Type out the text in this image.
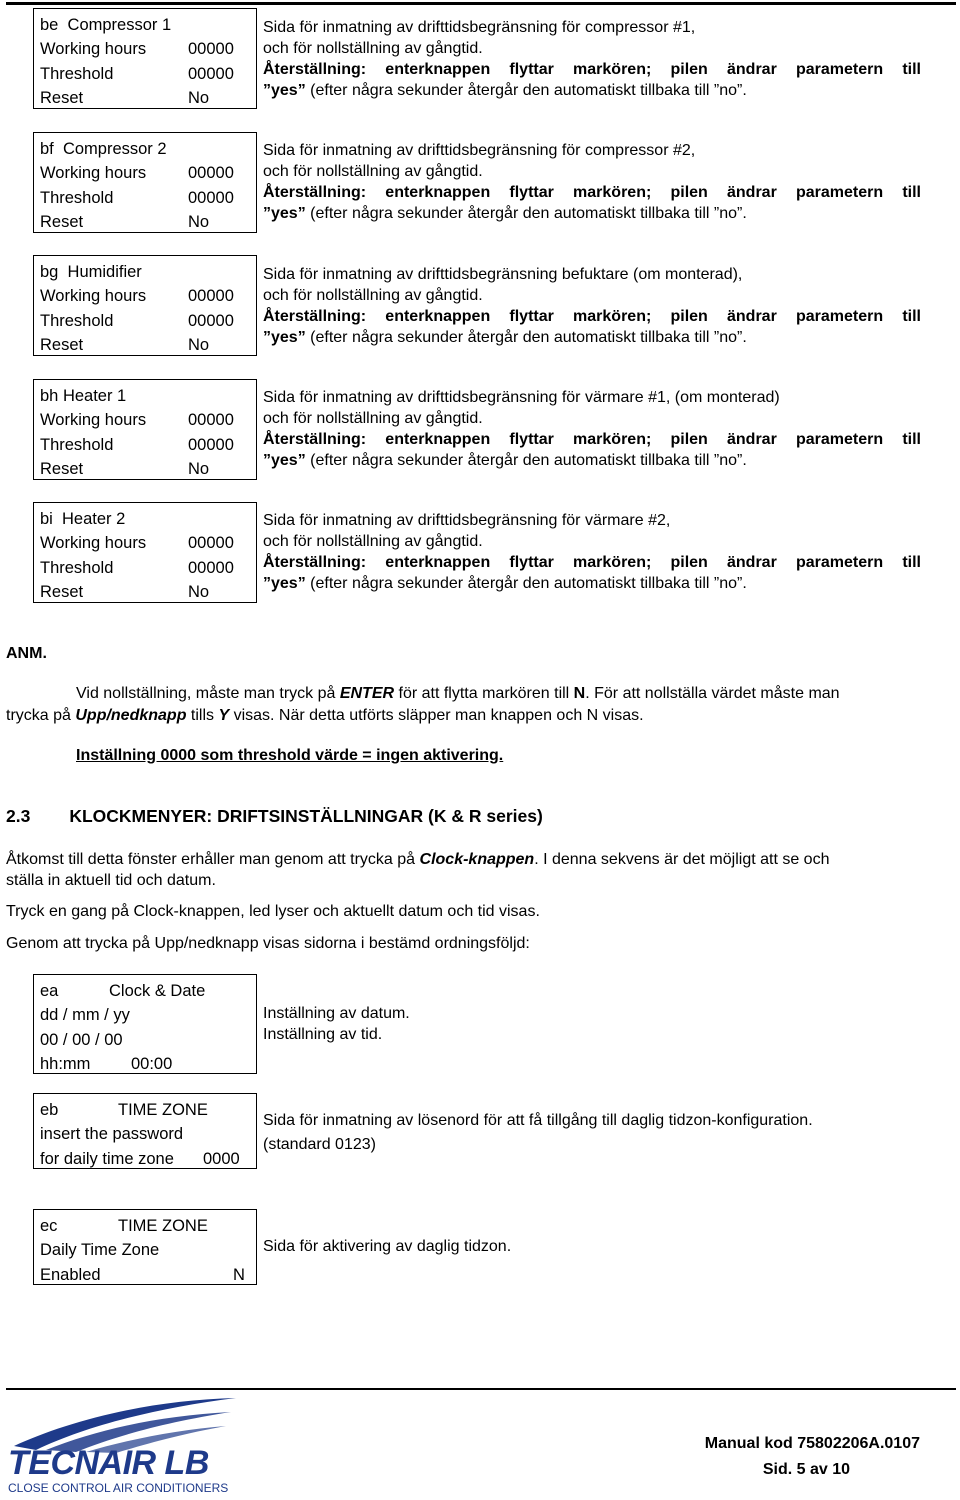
be
Compressor 1
Working hours	00000
Threshold	00000
Reset	No
Sida för inmatning av drifttidsbegränsning för compressor #1,
och för nollställning av gångtid.
Återställning: enterknappen flyttar markören; pilen ändrar parametern till
”yes” (efter några sekunder återgår den automatiskt tillbaka till ”no”.
bf
Compressor 2
Working hours	00000
Threshold	00000
Reset	No
Sida för inmatning av drifttidsbegränsning för compressor #2,
och för nollställning av gångtid.
Återställning: enterknappen flyttar markören; pilen ändrar parametern till
”yes” (efter några sekunder återgår den automatiskt tillbaka till ”no”.
bg
Humidifier
Working hours	00000
Threshold	00000
Reset	No
Sida för inmatning av drifttidsbegränsning befuktare (om monterad),
och för nollställning av gångtid.
Återställning: enterknappen flyttar markören; pilen ändrar parametern till
”yes” (efter några sekunder återgår den automatiskt tillbaka till ”no”.
bh
Heater 1
Working hours	00000
Threshold	00000
Reset	No
Sida för inmatning av drifttidsbegränsning för värmare #1, (om monterad)
och för nollställning av gångtid.
Återställning: enterknappen flyttar markören; pilen ändrar parametern till
”yes” (efter några sekunder återgår den automatiskt tillbaka till ”no”.
bi
Heater 2
Working hours	00000
Threshold	00000
Reset	No
Sida för inmatning av drifttidsbegränsning för värmare #2,
och för nollställning av gångtid.
Återställning: enterknappen flyttar markören; pilen ändrar parametern till
”yes” (efter några sekunder återgår den automatiskt tillbaka till ”no”.
ANM.
Vid nollställning, måste man tryck på ENTER för att flytta markören till N. För att nollställa värdet måste man
trycka på Upp/nedknapp tills Y visas. När detta utförts släpper man knappen och N visas.
Inställning 0000 som threshold värde = ingen aktivering.
2.3 KLOCKMENYER: DRIFTSINSTÄLLNINGAR (K & R series)
Åtkomst till detta fönster erhåller man genom att trycka på Clock-knappen. I denna sekvens är det möjligt att se och
ställa in aktuell tid och datum.
Tryck en gang på Clock-knappen, led lyser och aktuellt datum och tid visas.
Genom att trycka på Upp/nedknapp visas sidorna i bestämd ordningsföljd:
ea	Clock & Date
dd / mm / yy
00 / 00 / 00
hh:mm	00:00
Inställning av datum.
Inställning av tid.
eb	TIME ZONE
insert the password
for daily time zone	0000
Sida för inmatning av lösenord för att få tillgång till daglig tidzon-konfiguration.
(standard 0123)
ec	TIME ZONE
Daily Time Zone
Enabled	N
Sida för aktivering av daglig tidzon.
TECNAIR LB
CLOSE CONTROL AIR CONDITIONERS
Manual kod 75802206A.0107
Sid. 5 av 10
